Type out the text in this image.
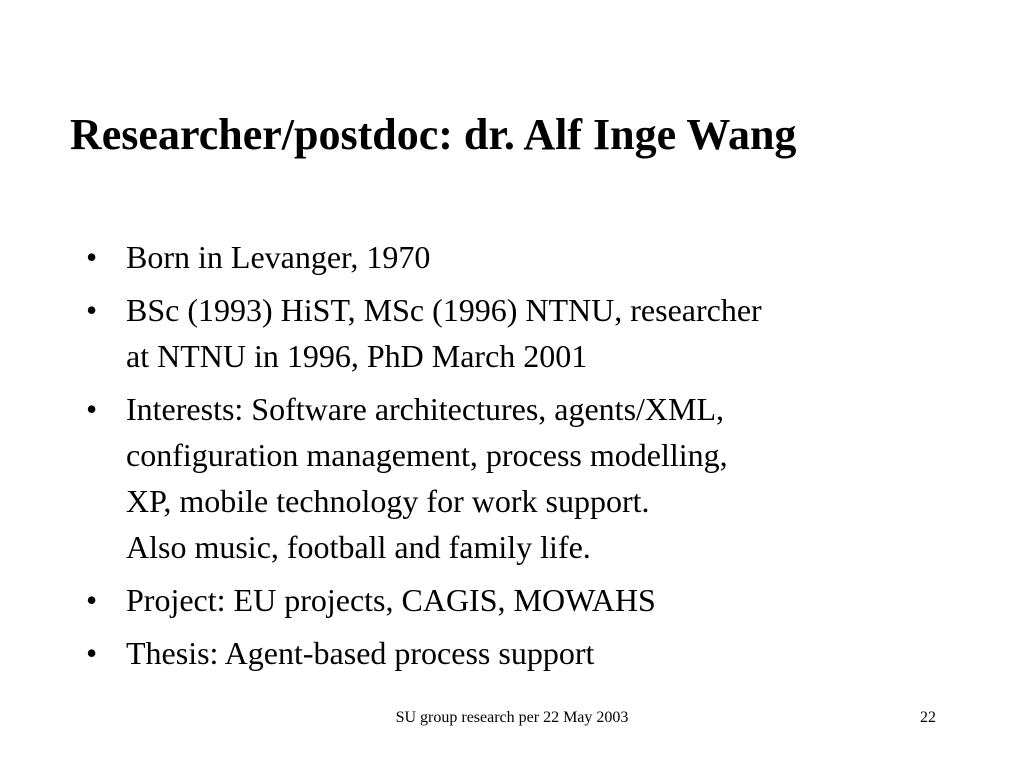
Researcher/postdoc: dr. Alf Inge Wang
• Born in Levanger, 1970
• BSc (1993) HiST, MSc (1996) NTNU, researcher
at NTNU in 1996, PhD March 2001
• Interests: Software architectures, agents/XML,
configuration management, process modelling,
XP, mobile technology for work support.
Also music, football and family life.
• Project: EU projects, CAGIS, MOWAHS
• Thesis: Agent-based process support
SU group research per 22 May 2003	22
